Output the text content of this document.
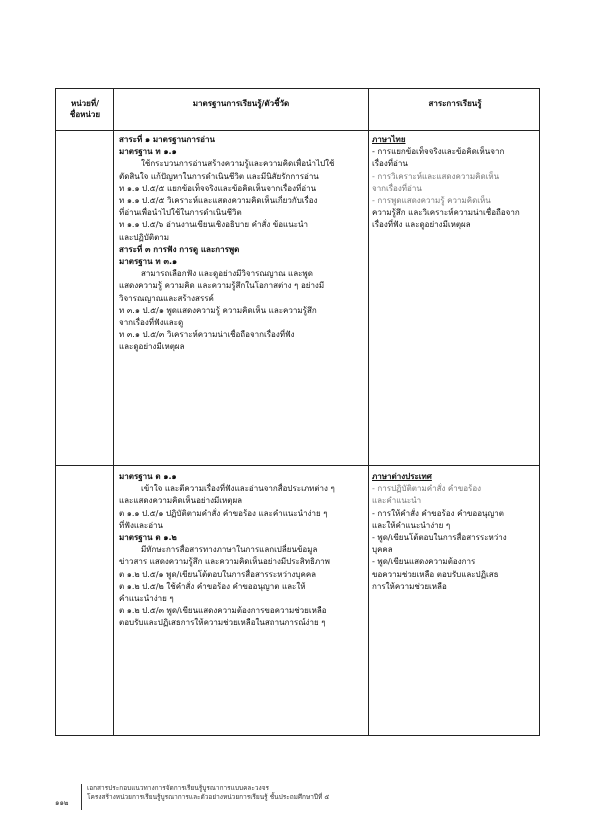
หน่วยที่/
ชื่อหน่วย
มาตรฐานการเรียนรู้/ตัวชี้วัด	สาระการเรียนรู้
สาระที่ ๑ มาตรฐานการอ่าน
มาตรฐาน ท ๑.๑
ใช้กระบวนการอ่านสร้างความรู้และความคิดเพื่อนำไปใช้
ตัดสินใจ แก้ปัญหาในการดำเนินชีวิต และมีนิสัยรักการอ่าน
ท ๑.๑ ป.๕/๕ แยกข้อเท็จจริงและข้อคิดเห็นจากเรื่องที่อ่าน
ท ๑.๑ ป.๕/๕ วิเคราะห์และแสดงความคิดเห็นเกี่ยวกับเรื่อง
ที่อ่านเพื่อนำไปใช้ในการดำเนินชีวิต
ท ๑.๑ ป.๕/๖ อ่านงานเขียนเชิงอธิบาย คำสั่ง ข้อแนะนำ
และปฏิบัติตาม
สาระที่ ๓ การฟัง การดู และการพูด
มาตรฐาน ท ๓.๑
สามารถเลือกฟัง และดูอย่างมีวิจารณญาณ และพูด
แสดงความรู้ ความคิด และความรู้สึกในโอกาสต่าง ๆ อย่างมี
วิจารณญาณและสร้างสรรค์
ท ๓.๑ ป.๕/๑ พูดแสดงความรู้ ความคิดเห็น และความรู้สึก
จากเรื่องที่ฟังและดู
ท ๓.๑ ป.๕/๓ วิเคราะห์ความน่าเชื่อถือจากเรื่องที่ฟัง
และดูอย่างมีเหตุผล
ภาษาไทย
- การแยกข้อเท็จจริงและข้อคิดเห็นจาก
เรื่องที่อ่าน
- การวิเคราะห์และแสดงความคิดเห็น
จากเรื่องที่อ่าน
- การพูดแสดงความรู้ ความคิดเห็น
ความรู้สึก และวิเคราะห์ความน่าเชื่อถือจาก
เรื่องที่ฟัง และดูอย่างมีเหตุผล
มาตรฐาน ต ๑.๑
เข้าใจ และตีความเรื่องที่ฟังและอ่านจากสื่อประเภทต่าง ๆ
และแสดงความคิดเห็นอย่างมีเหตุผล
ต ๑.๑ ป.๕/๑ ปฏิบัติตามคำสั่ง คำขอร้อง และคำแนะนำง่าย ๆ
ที่ฟังและอ่าน
มาตรฐาน ต ๑.๒
มีทักษะการสื่อสารทางภาษาในการแลกเปลี่ยนข้อมูล
ข่าวสาร แสดงความรู้สึก และความคิดเห็นอย่างมีประสิทธิภาพ
ต ๑.๒ ป.๕/๑ พูด/เขียนโต้ตอบในการสื่อสารระหว่างบุคคล
ต ๑.๒ ป.๕/๒ ใช้คำสั่ง คำขอร้อง คำขออนุญาต และให้
คำแนะนำง่าย ๆ
ต ๑.๒ ป.๕/๓ พูด/เขียนแสดงความต้องการขอความช่วยเหลือ
ตอบรับและปฏิเสธการให้ความช่วยเหลือในสถานการณ์ง่าย ๆ
ภาษาต่างประเทศ
- การปฏิบัติตามคำสั่ง คำขอร้อง
และคำแนะนำ
- การให้คำสั่ง คำขอร้อง คำขออนุญาต
และให้คำแนะนำง่าย ๆ
- พูด/เขียนโต้ตอบในการสื่อสารระหว่าง
บุคคล
- พูด/เขียนแสดงความต้องการ
ขอความช่วยเหลือ ตอบรับและปฏิเสธ
การให้ความช่วยเหลือ
๑๑๒
เอกสารประกอบแนวทางการจัดการเรียนรู้บูรณาการแบบคละวงจร
โครงสร้างหน่วยการเรียนรู้บูรณาการและตัวอย่างหน่วยการเรียนรู้ ชั้นประถมศึกษาปีที่ ๕
